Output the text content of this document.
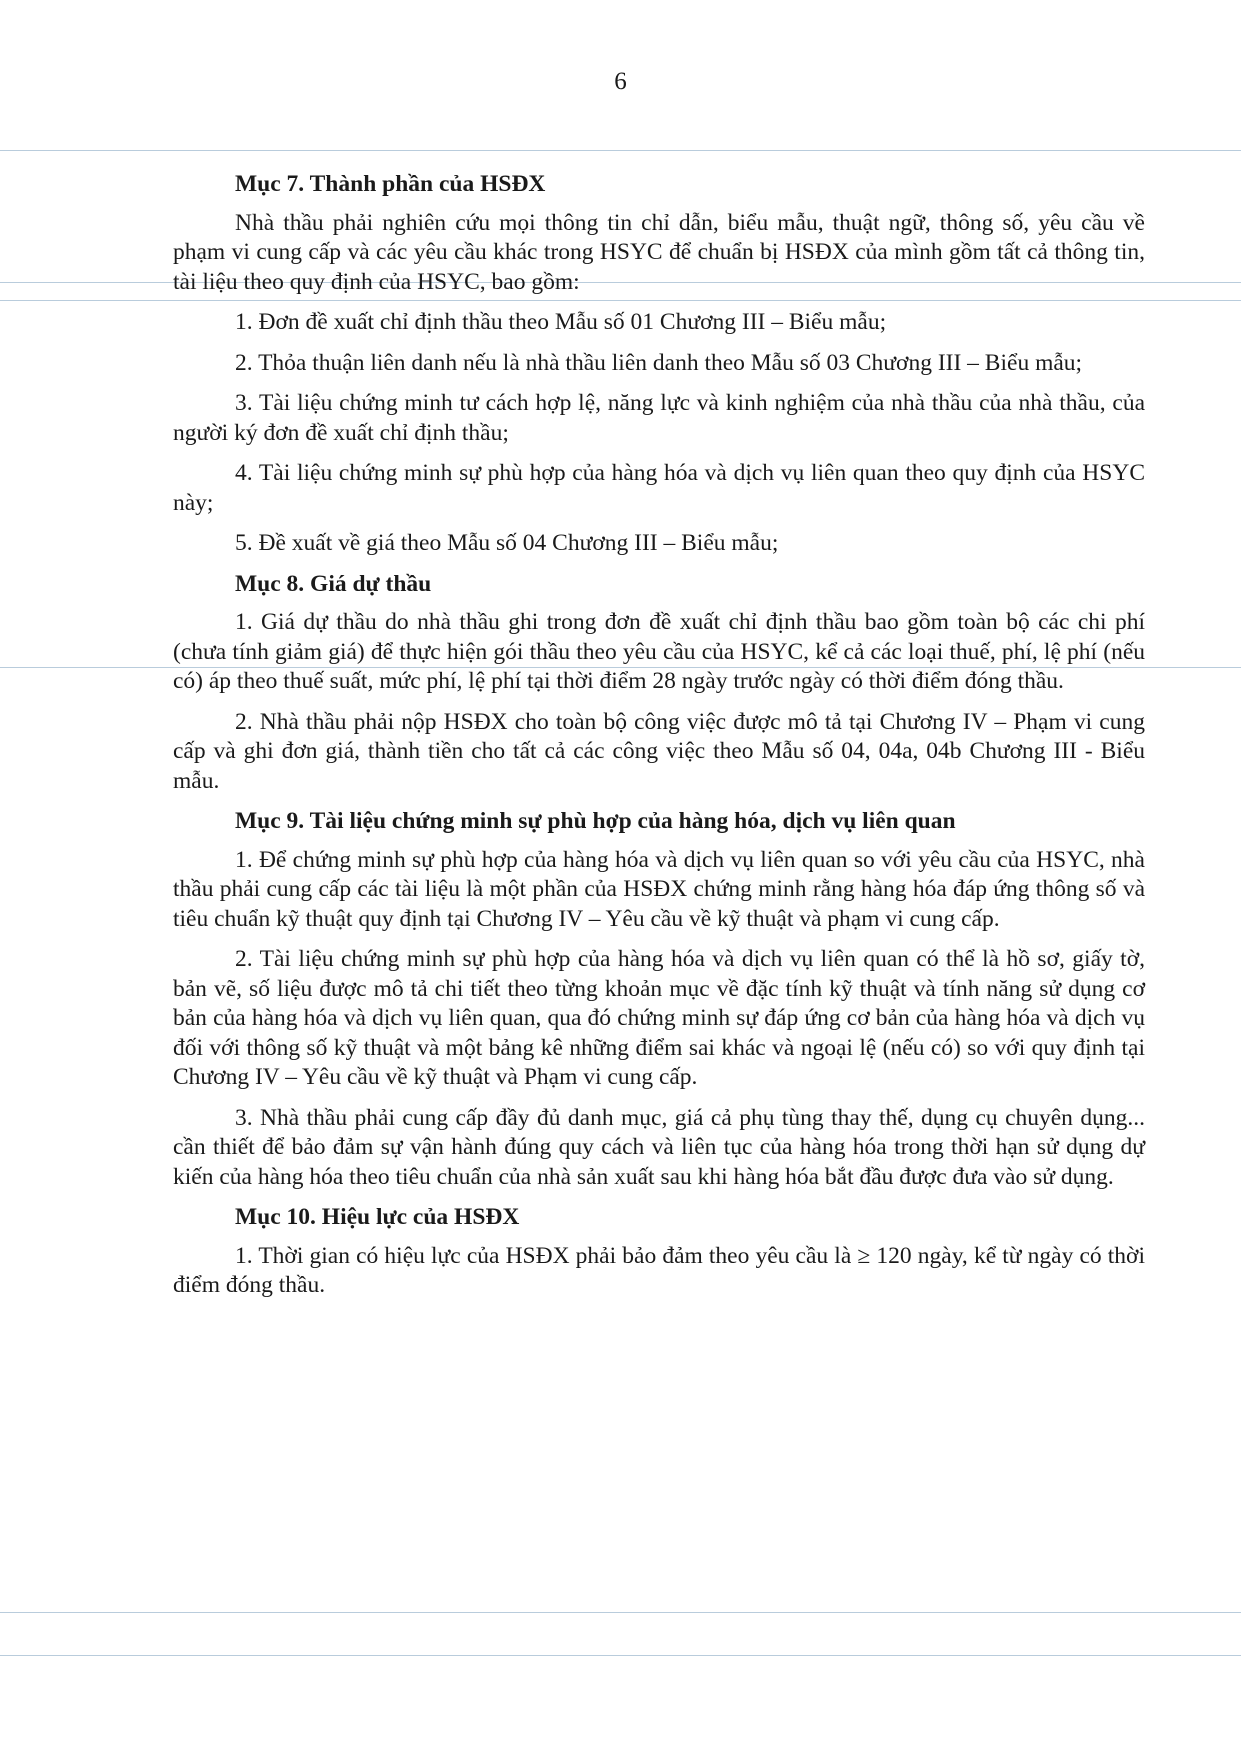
6
Mục 7. Thành phần của HSĐX

Nhà thầu phải nghiên cứu mọi thông tin chỉ dẫn, biểu mẫu, thuật ngữ, thông số, yêu cầu về phạm vi cung cấp và các yêu cầu khác trong HSYC để chuẩn bị HSĐX của mình gồm tất cả thông tin, tài liệu theo quy định của HSYC, bao gồm:

1. Đơn đề xuất chỉ định thầu theo Mẫu số 01 Chương III – Biểu mẫu;

2. Thỏa thuận liên danh nếu là nhà thầu liên danh theo Mẫu số 03 Chương III – Biểu mẫu;

3. Tài liệu chứng minh tư cách hợp lệ, năng lực và kinh nghiệm của nhà thầu của nhà thầu, của người ký đơn đề xuất chỉ định thầu;

4. Tài liệu chứng minh sự phù hợp của hàng hóa và dịch vụ liên quan theo quy định của HSYC này;

5. Đề xuất về giá theo Mẫu số 04 Chương III – Biểu mẫu;

Mục 8. Giá dự thầu

1. Giá dự thầu do nhà thầu ghi trong đơn đề xuất chỉ định thầu bao gồm toàn bộ các chi phí (chưa tính giảm giá) để thực hiện gói thầu theo yêu cầu của HSYC, kể cả các loại thuế, phí, lệ phí (nếu có) áp theo thuế suất, mức phí, lệ phí tại thời điểm 28 ngày trước ngày có thời điểm đóng thầu.

2. Nhà thầu phải nộp HSĐX cho toàn bộ công việc được mô tả tại Chương IV – Phạm vi cung cấp và ghi đơn giá, thành tiền cho tất cả các công việc theo Mẫu số 04, 04a, 04b Chương III - Biểu mẫu.

Mục 9. Tài liệu chứng minh sự phù hợp của hàng hóa, dịch vụ liên quan

1. Để chứng minh sự phù hợp của hàng hóa và dịch vụ liên quan so với yêu cầu của HSYC, nhà thầu phải cung cấp các tài liệu là một phần của HSĐX chứng minh rằng hàng hóa đáp ứng thông số và tiêu chuẩn kỹ thuật quy định tại Chương IV – Yêu cầu về kỹ thuật và phạm vi cung cấp.

2. Tài liệu chứng minh sự phù hợp của hàng hóa và dịch vụ liên quan có thể là hồ sơ, giấy tờ, bản vẽ, số liệu được mô tả chi tiết theo từng khoản mục về đặc tính kỹ thuật và tính năng sử dụng cơ bản của hàng hóa và dịch vụ liên quan, qua đó chứng minh sự đáp ứng cơ bản của hàng hóa và dịch vụ đối với thông số kỹ thuật và một bảng kê những điểm sai khác và ngoại lệ (nếu có) so với quy định tại Chương IV – Yêu cầu về kỹ thuật và Phạm vi cung cấp.

3. Nhà thầu phải cung cấp đầy đủ danh mục, giá cả phụ tùng thay thế, dụng cụ chuyên dụng... cần thiết để bảo đảm sự vận hành đúng quy cách và liên tục của hàng hóa trong thời hạn sử dụng dự kiến của hàng hóa theo tiêu chuẩn của nhà sản xuất sau khi hàng hóa bắt đầu được đưa vào sử dụng.

Mục 10. Hiệu lực của HSĐX

1. Thời gian có hiệu lực của HSĐX phải bảo đảm theo yêu cầu là ≥ 120 ngày, kể từ ngày có thời điểm đóng thầu.
